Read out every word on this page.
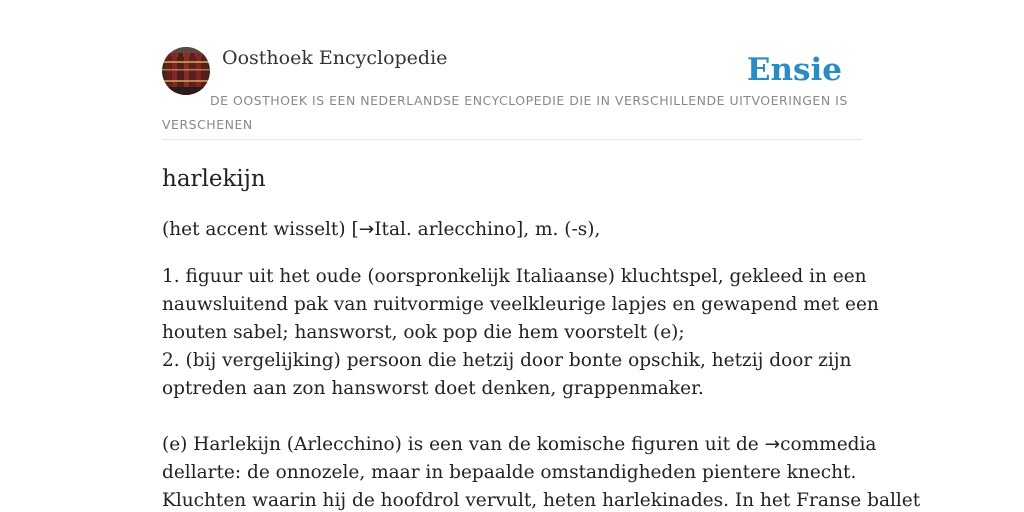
Oosthoek Encyclopedie	Ensie

DE OOSTHOEK IS EEN NEDERLANDSE ENCYCLOPEDIE DIE IN VERSCHILLENDE UITVOERINGEN IS VERSCHENEN

harlekijn

(het accent wisselt) [→Ital. arlecchino], m. (-s),

1. figuur uit het oude (oorspronkelijk Italiaanse) kluchtspel, gekleed in een
nauwsluitend pak van ruitvormige veelkleurige lapjes en gewapend met een
houten sabel; hansworst, ook pop die hem voorstelt (e);
2. (bij vergelijking) persoon die hetzij door bonte opschik, hetzij door zijn
optreden aan zon hansworst doet denken, grappenmaker.
(e) Harlekijn (Arlecchino) is een van de komische figuren uit de →commedia
dellarte: de onnozele, maar in bepaalde omstandigheden pientere knecht.
Kluchten waarin hij de hoofdrol vervult, heten harlekinades. In het Franse ballet
